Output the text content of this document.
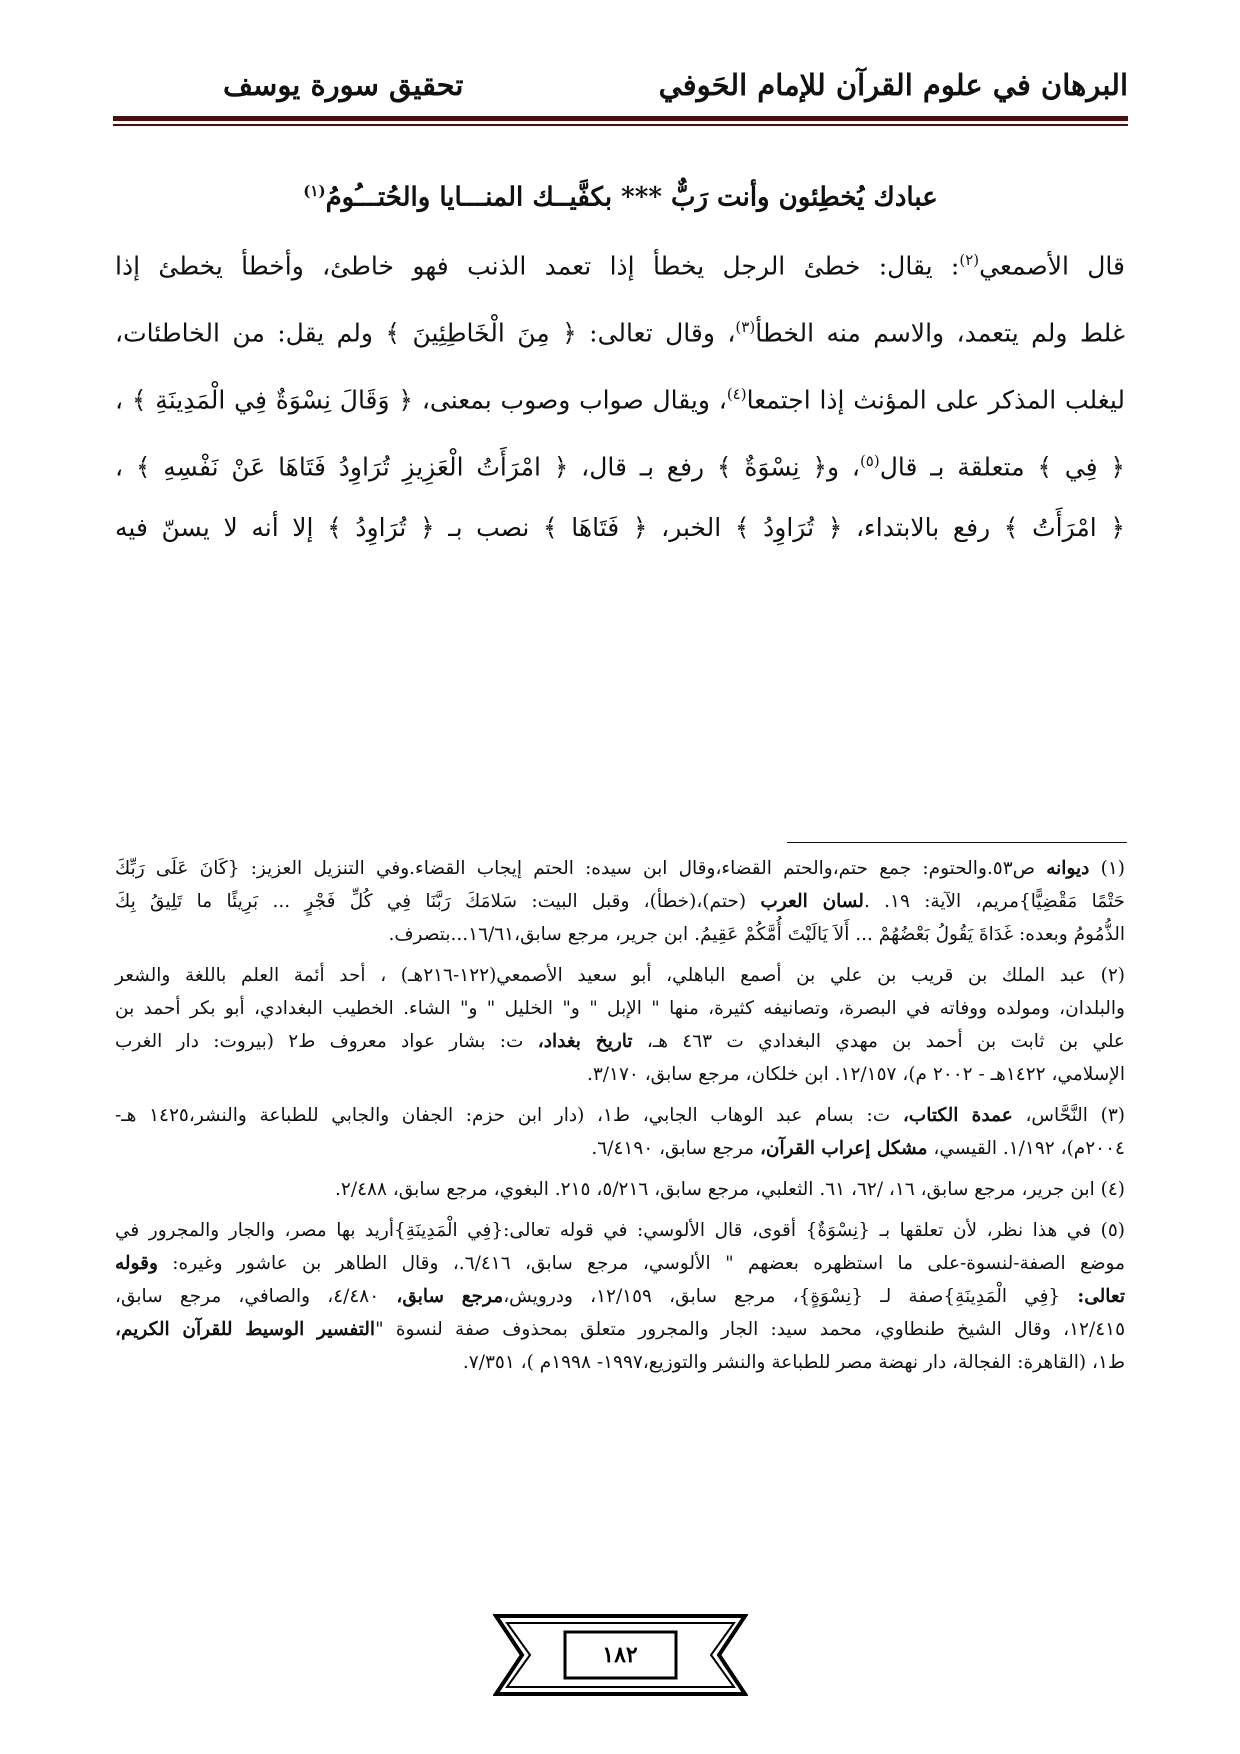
البرهان في علوم القرآن للإمام الحَوفي
تحقيق سورة يوسف
عبادك يُخطِئون وأنت رَبٌّ *** بكفَّيــك المنـــايا والحُتـــُومُ$^{(١)}$
قال الأصمعي$^{(٢)}$: يقال: خطئ الرجل يخطأ إذا تعمد الذنب فهو خاطئ، وأخطأ يخطئ إذا
غلط ولم يتعمد، والاسم منه الخطأ$^{(٣)}$، وقال تعالى: ﴿ مِنَ الْخَاطِئِينَ ﴾ ولم يقل: من الخاطئات،
ليغلب المذكر على المؤنث إذا اجتمعا$^{(٤)}$، ويقال صواب وصوب بمعنى، ﴿ وَقَالَ نِسْوَةٌ فِي الْمَدِينَةِ ﴾ ،
﴿ فِي ﴾ متعلقة بـ قال$^{(٥)}$، و﴿ نِسْوَةٌ ﴾ رفع بـ قال، ﴿ امْرَأَتُ الْعَزِيزِ تُرَاوِدُ فَتَاهَا عَنْ نَفْسِهِ ﴾ ،
﴿ امْرَأَتُ ﴾ رفع بالابتداء، ﴿ تُرَاوِدُ ﴾ الخبر، ﴿ فَتَاهَا ﴾ نصب بـ ﴿ تُرَاوِدُ ﴾ إلا أنه لا يسنّ فيه
(١) ديوانه ص٥٣.والحتوم: جمع حتم،والحتم القضاء،وقال ابن سيده: الحتم إيجاب القضاء.وفي التنزيل العزيز: {كَانَ عَلَى رَبِّكَ
حَتْمًا مَقْضِيًّا}مريم، الآية: ١٩. .لسان العرب (حتم)،(خطأ)، وقبل البيت: سَلامَكَ رَبَّنَا فِي كُلِّ فَجْرٍ ... بَرِيئًا ما تَلِيقُ بِكَ
الذُّمُومُ وبعده: غَدَاةَ يَقُولُ بَعْضُهُمْ ... أَلاَ يَالَيْتَ أُمَّكُمْ عَقِيمُ. ابن جرير، مرجع سابق،١٦/٦١...بتصرف.
(٢) عبد الملك بن قريب بن علي بن أصمع الباهلي، أبو سعيد الأصمعي(١٢٢-٢١٦هـ) ، أحد أئمة العلم باللغة والشعر
والبلدان، ومولده ووفاته في البصرة، وتصانيفه كثيرة، منها " الإبل " و" الخليل " و" الشاء. الخطيب البغدادي، أبو بكر أحمد بن
علي بن ثابت بن أحمد بن مهدي البغدادي ت ٤٦٣ هـ، تاريخ بغداد، ت: بشار عواد معروف ط٢ (بيروت: دار الغرب
الإسلامي، ١٤٢٢هـ - ٢٠٠٢ م)، ١٢/١٥٧. ابن خلكان، مرجع سابق، ٣/١٧٠.
(٣) النَّحَّاس، عمدة الكتاب، ت: بسام عبد الوهاب الجابي، ط١، (دار ابن حزم: الجفان والجابي للطباعة والنشر،١٤٢٥ هـ-
٢٠٠٤م)، ١/١٩٢. القيسي، مشكل إعراب القرآن، مرجع سابق، ٦/٤١٩٠.
(٤) ابن جرير، مرجع سابق، ١٦، /٦٢، ٦١. الثعلبي، مرجع سابق، ٥/٢١٦، ٢١٥. البغوي، مرجع سابق، ٢/٤٨٨.
(٥) في هذا نظر، لأن تعلقها بـ {نِسْوَةٌ} أقوى، قال الألوسي: في قوله تعالى:{فِي الْمَدِينَةِ}أريد بها مصر، والجار والمجرور في
موضع الصفة-لنسوة-على ما استظهره بعضهم " الألوسي، مرجع سابق، ٦/٤١٦.، وقال الطاهر بن عاشور وغيره: وقوله
تعالى: {فِي الْمَدِينَةِ}صفة لـ {نِسْوَةٍ}، مرجع سابق، ١٢/١٥٩، ودرويش،مرجع سابق، ٤/٤٨٠، والصافي، مرجع سابق،
١٢/٤١٥، وقال الشيخ طنطاوي، محمد سيد: الجار والمجرور متعلق بمحذوف صفة لنسوة "التفسير الوسيط للقرآن الكريم،
ط١، (القاهرة: الفجالة، دار نهضة مصر للطباعة والنشر والتوزيع،١٩٩٧- ١٩٩٨م )، ٧/٣٥١.
١٨٢
